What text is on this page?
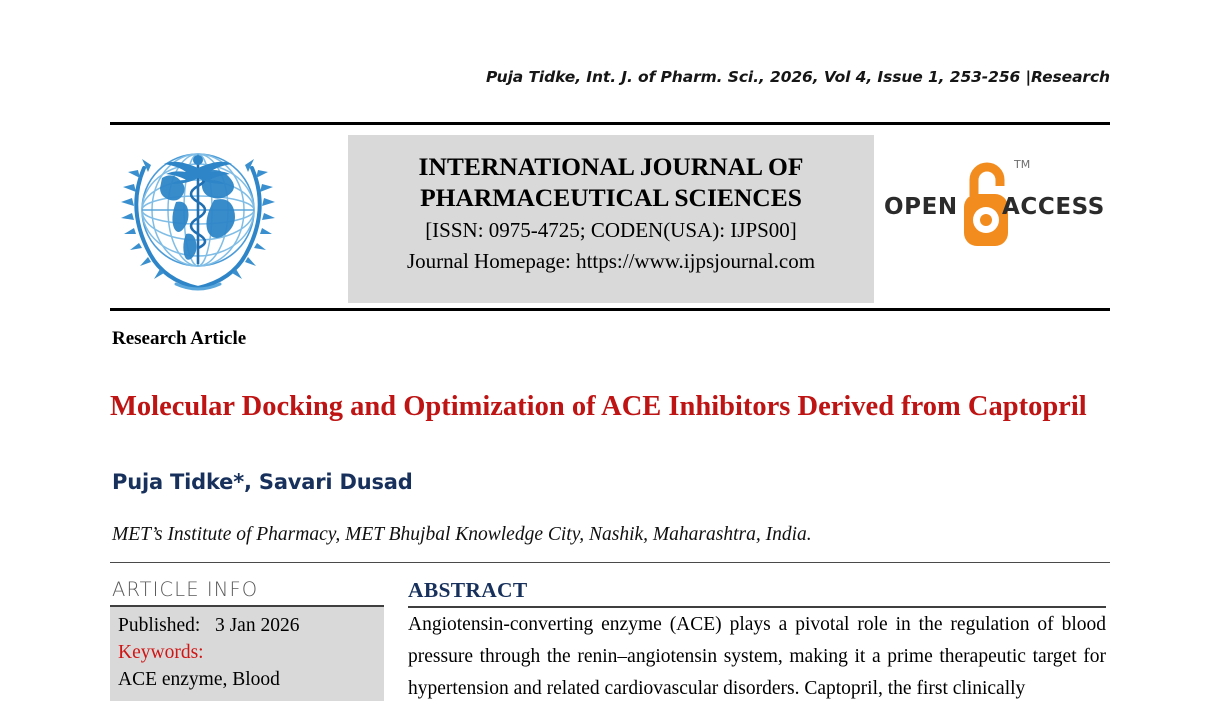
Puja Tidke, Int. J. of Pharm. Sci., 2026, Vol 4, Issue 1, 253-256 |Research
INTERNATIONAL JOURNAL OF
PHARMACEUTICAL SCIENCES
[ISSN: 0975-4725; CODEN(USA): IJPS00]
Journal Homepage: https://www.ijpsjournal.com
OPEN
TM
ACCESS
Research Article
Molecular Docking and Optimization of ACE Inhibitors Derived from Captopril
Puja Tidke*, Savari Dusad
MET’s Institute of Pharmacy, MET Bhujbal Knowledge City, Nashik, Maharashtra, India.
ARTICLE INFO
Published:   3 Jan 2026
Keywords:
ACE enzyme, Blood
ABSTRACT
Angiotensin-converting enzyme (ACE) plays a pivotal role in the regulation of blood pressure through the renin–angiotensin system, making it a prime therapeutic target for hypertension and related cardiovascular disorders. Captopril, the first clinically
